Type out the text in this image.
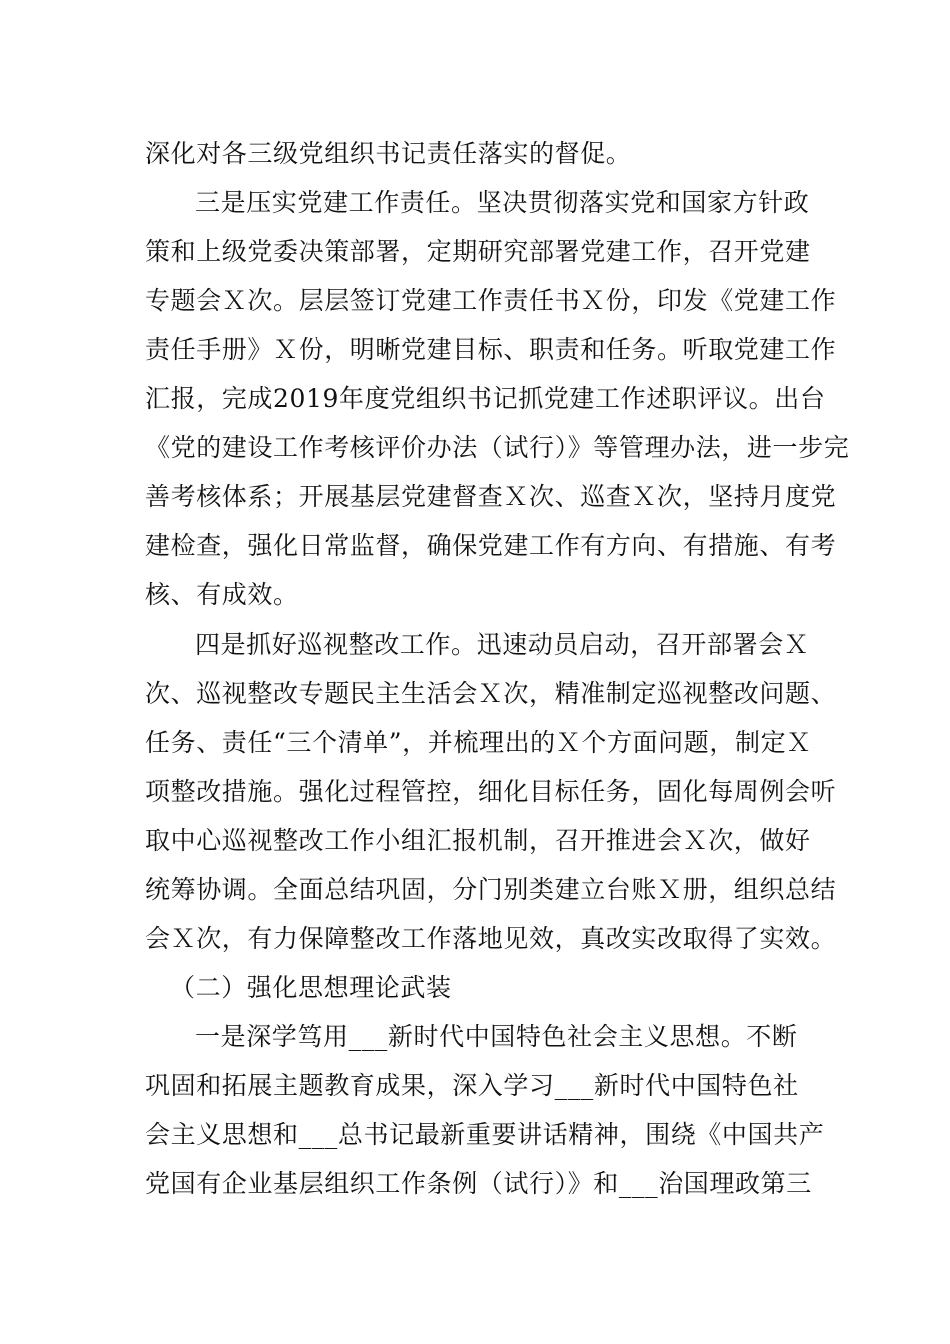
深化对各三级党组织书记责任落实的督促。
三是压实党建工作责任。坚决贯彻落实党和国家方针政
策和上级党委决策部署，定期研究部署党建工作，召开党建
专题会Ｘ次。层层签订党建工作责任书Ｘ份，印发《党建工作
责任手册》Ｘ份，明晰党建目标、职责和任务。听取党建工作
汇报，完成2019年度党组织书记抓党建工作述职评议。出台
《党的建设工作考核评价办法（试行）》等管理办法，进一步完
善考核体系；开展基层党建督查Ｘ次、巡查Ｘ次，坚持月度党
建检查，强化日常监督，确保党建工作有方向、有措施、有考
核、有成效。
四是抓好巡视整改工作。迅速动员启动，召开部署会Ｘ
次、巡视整改专题民主生活会Ｘ次，精准制定巡视整改问题、
任务、责任“三个清单”，并梳理出的Ｘ个方面问题，制定Ｘ
项整改措施。强化过程管控，细化目标任务，固化每周例会听
取中心巡视整改工作小组汇报机制，召开推进会Ｘ次，做好
统筹协调。全面总结巩固，分门别类建立台账Ｘ册，组织总结
会Ｘ次，有力保障整改工作落地见效，真改实改取得了实效。
（二）强化思想理论武装
一是深学笃用___新时代中国特色社会主义思想。不断
巩固和拓展主题教育成果，深入学习___新时代中国特色社
会主义思想和___总书记最新重要讲话精神，围绕《中国共产
党国有企业基层组织工作条例（试行）》和___治国理政第三
